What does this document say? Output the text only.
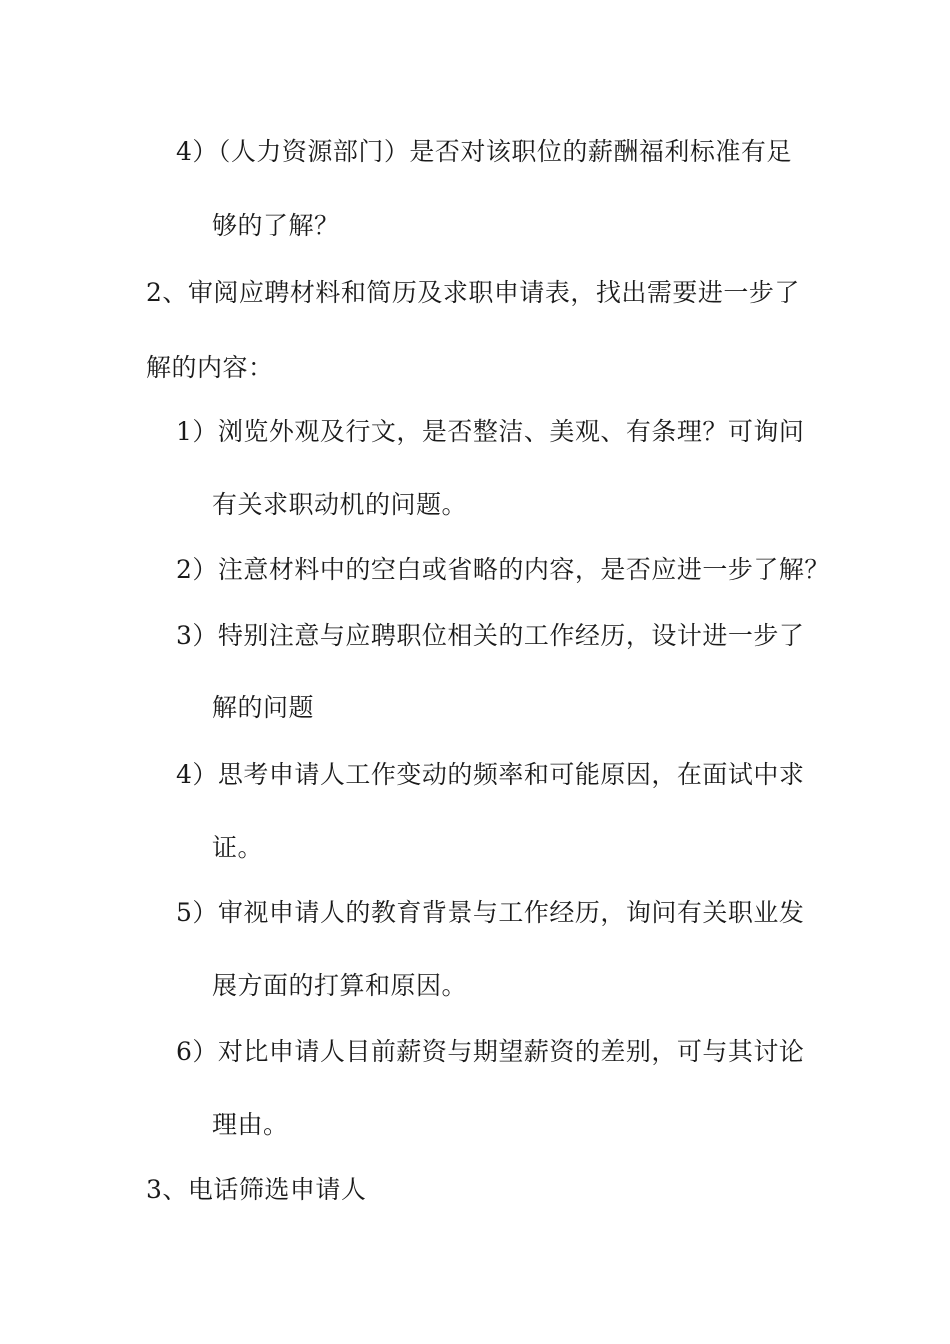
4）（人力资源部门）是否对该职位的薪酬福利标准有足
够的了解？
2、审阅应聘材料和简历及求职申请表，找出需要进一步了
解的内容：
1）浏览外观及行文，是否整洁、美观、有条理？可询问
有关求职动机的问题。
2）注意材料中的空白或省略的内容，是否应进一步了解？
3）特别注意与应聘职位相关的工作经历，设计进一步了
解的问题
4）思考申请人工作变动的频率和可能原因，在面试中求
证。
5）审视申请人的教育背景与工作经历，询问有关职业发
展方面的打算和原因。
6）对比申请人目前薪资与期望薪资的差别，可与其讨论
理由。
3、电话筛选申请人
